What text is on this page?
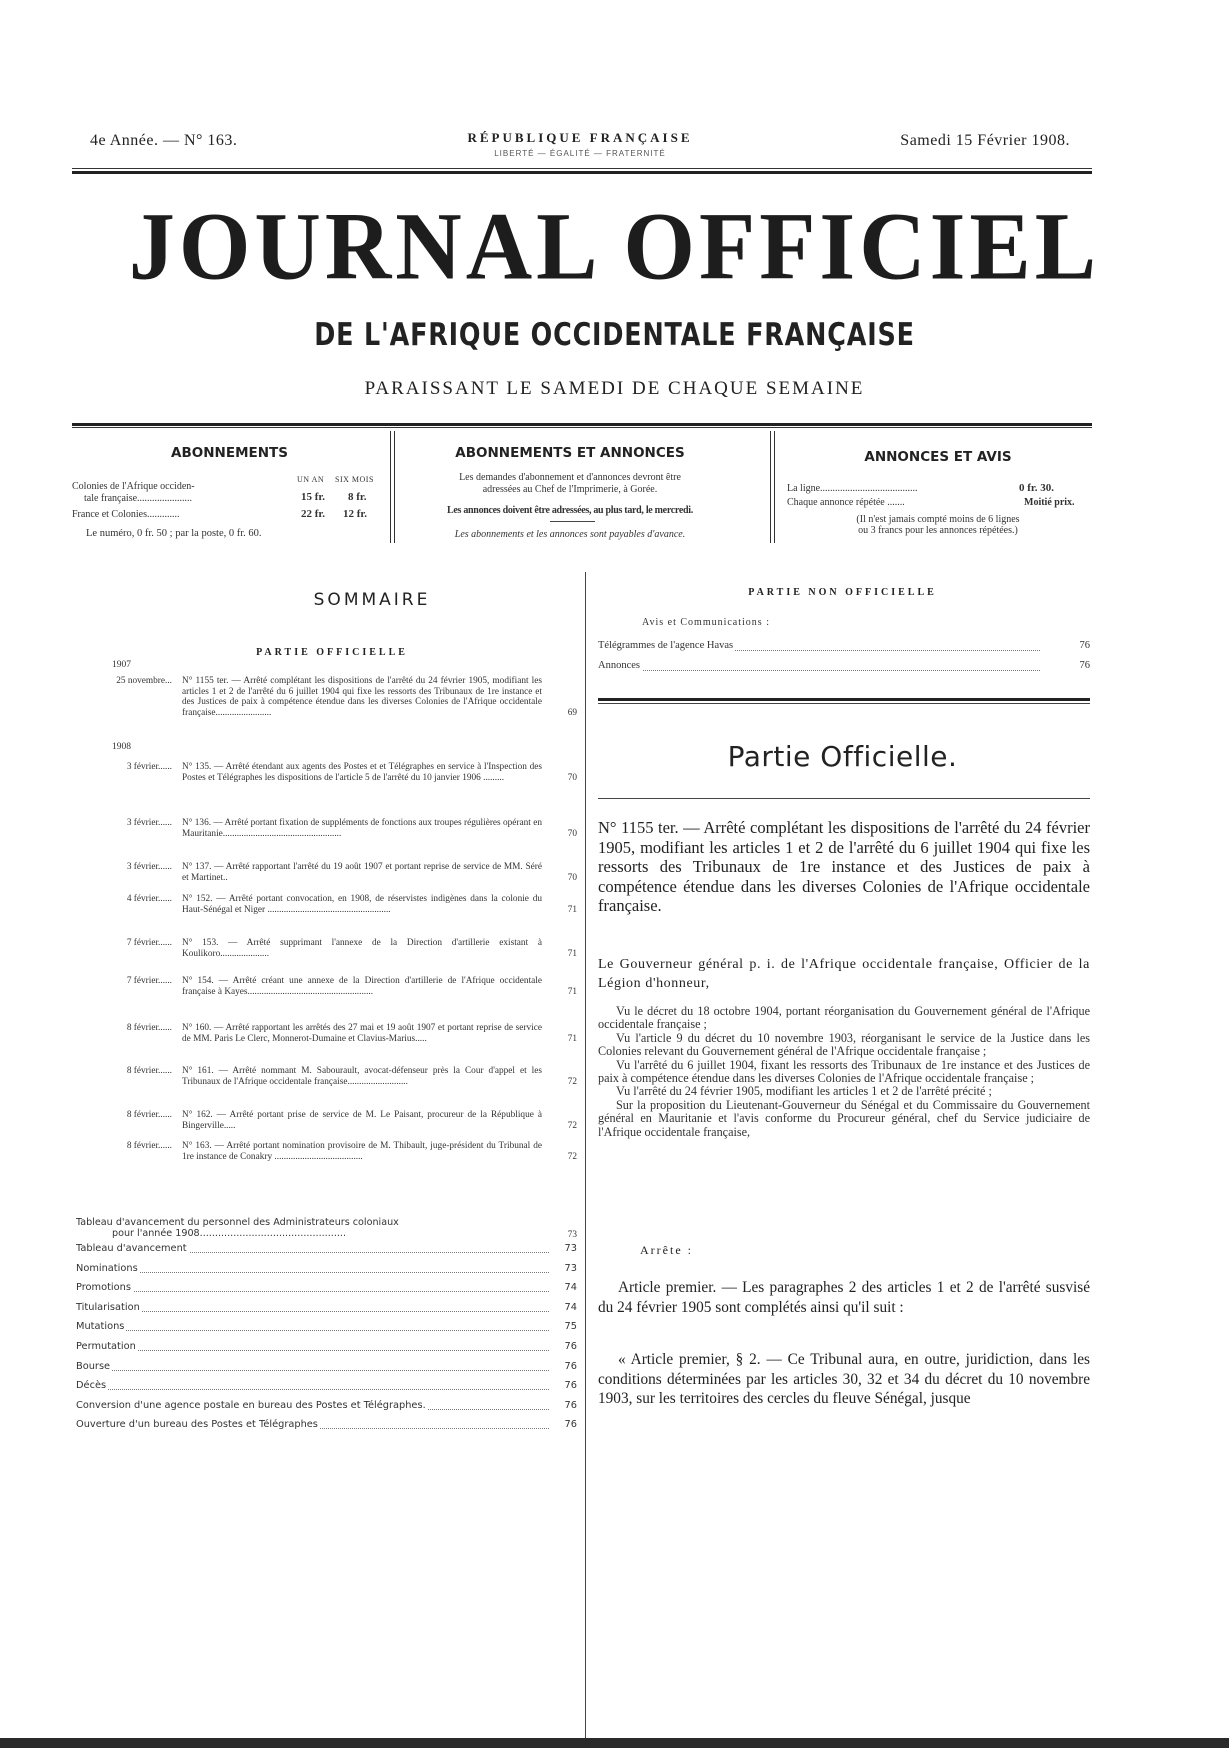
4e Année. — N° 163.	RÉPUBLIQUE FRANÇAISE
LIBERTÉ — ÉGALITÉ — FRATERNITÉ
Samedi 15 Février 1908.
JOURNAL OFFICIEL
DE L'AFRIQUE OCCIDENTALE FRANÇAISE
PARAISSANT LE SAMEDI DE CHAQUE SEMAINE
ABONNEMENTS
UN AN SIX MOIS
Colonies de l'Afrique occiden-
tale française......................	15 fr. 8 fr.
France et Colonies.............	22 fr. 12 fr.
Le numéro, 0 fr. 50 ; par la poste, 0 fr. 60.
ABONNEMENTS ET ANNONCES
Les demandes d'abonnement et d'annonces devront être
adressées au Chef de l'Imprimerie, à Gorée.
Les annonces doivent être adressées, au plus tard, le mercredi.
Les abonnements et les annonces sont payables d'avance.
ANNONCES ET AVIS
La ligne.......................................	0 fr. 30.
Chaque annonce répétée .......	Moitié prix.
(Il n'est jamais compté moins de 6 lignes
ou 3 francs pour les annonces répétées.)
SOMMAIRE
PARTIE OFFICIELLE
1907
1908
25 novembre... N° 1155 ter. — Arrêté complétant les dispositions de l'arrêté du 24 février 1905, modifiant les articles 1 et 2 de l'arrêté du 6 juillet 1904 qui fixe les ressorts des Tribunaux de 1re instance et des Justices de paix à compétence étendue dans les diverses Colonies de l'Afrique occidentale française........................	69
3 février...... N° 135. — Arrêté étendant aux agents des Postes et et Télégraphes en service à l'Inspection des Postes et Télégraphes les dispositions de l'article 5 de l'arrêté du 10 janvier 1906 .........	70
3 février...... N° 136. — Arrêté portant fixation de suppléments de fonctions aux troupes régulières opérant en Mauritanie...................................................	70
3 février...... N° 137. — Arrêté rapportant l'arrêté du 19 août 1907 et portant reprise de service de MM. Séré et Martinet..	70
4 février...... N° 152. — Arrêté portant convocation, en 1908, de réservistes indigènes dans la colonie du Haut-Sénégal et Niger .....................................................	71
7 février...... N° 153. — Arrêté supprimant l'annexe de la Direction d'artillerie existant à Koulikoro.....................	71
7 février...... N° 154. — Arrêté créant une annexe de la Direction d'artillerie de l'Afrique occidentale française à Kayes......................................................	71
8 février...... N° 160. — Arrêté rapportant les arrêtés des 27 mai et 19 août 1907 et portant reprise de service de MM. Paris Le Clerc, Monnerot-Dumaine et Clavius-Marius.....	71
8 février...... N° 161. — Arrêté nommant M. Sabourault, avocat-défenseur près la Cour d'appel et les Tribunaux de l'Afrique occidentale française..........................	72
8 février...... N° 162. — Arrêté portant prise de service de M. Le Paisant, procureur de la République à Bingerville.....	72
8 février...... N° 163. — Arrêté portant nomination provisoire de M. Thibault, juge-président du Tribunal de 1re instance de Conakry ......................................	72
Tableau d'avancement du personnel des Administrateurs coloniaux
pour l'année 1908................................................	73
Tableau d'avancement	73
Nominations	73
Promotions	74
Titularisation	74
Mutations	75
Permutation	76
Bourse	76
Décès	76
Conversion d'une agence postale en bureau des Postes et Télégraphes.	76
Ouverture d'un bureau des Postes et Télégraphes	76
PARTIE NON OFFICIELLE
Avis et Communications :
Télégrammes de l'agence Havas	76
Annonces	76
Partie Officielle.
N° 1155 ter. — Arrêté complétant les dispositions de l'arrêté du 24 février 1905, modifiant les articles 1 et 2 de l'arrêté du 6 juillet 1904 qui fixe les ressorts des Tribunaux de 1re instance et des Justices de paix à compétence étendue dans les diverses Colonies de l'Afrique occidentale française.
Le Gouverneur général p. i. de l'Afrique occidentale française, Officier de la Légion d'honneur,

Vu le décret du 18 octobre 1904, portant réorganisation du Gouvernement général de l'Afrique occidentale française ;

Vu l'article 9 du décret du 10 novembre 1903, réorganisant le service de la Justice dans les Colonies relevant du Gouvernement général de l'Afrique occidentale française ;

Vu l'arrêté du 6 juillet 1904, fixant les ressorts des Tribunaux de 1re instance et des Justices de paix à compétence étendue dans les diverses Colonies de l'Afrique occidentale française ;

Vu l'arrêté du 24 février 1905, modifiant les articles 1 et 2 de l'arrêté précité ;

Sur la proposition du Lieutenant-Gouverneur du Sénégal et du Commissaire du Gouvernement général en Mauritanie et l'avis conforme du Procureur général, chef du Service judiciaire de l'Afrique occidentale française,

Arrête :

Article premier. — Les paragraphes 2 des articles 1 et 2 de l'arrêté susvisé du 24 février 1905 sont complétés ainsi qu'il suit :

« Article premier, § 2. — Ce Tribunal aura, en outre, juridiction, dans les conditions déterminées par les articles 30, 32 et 34 du décret du 10 novembre 1903, sur les territoires des cercles du fleuve Sénégal, jusque
